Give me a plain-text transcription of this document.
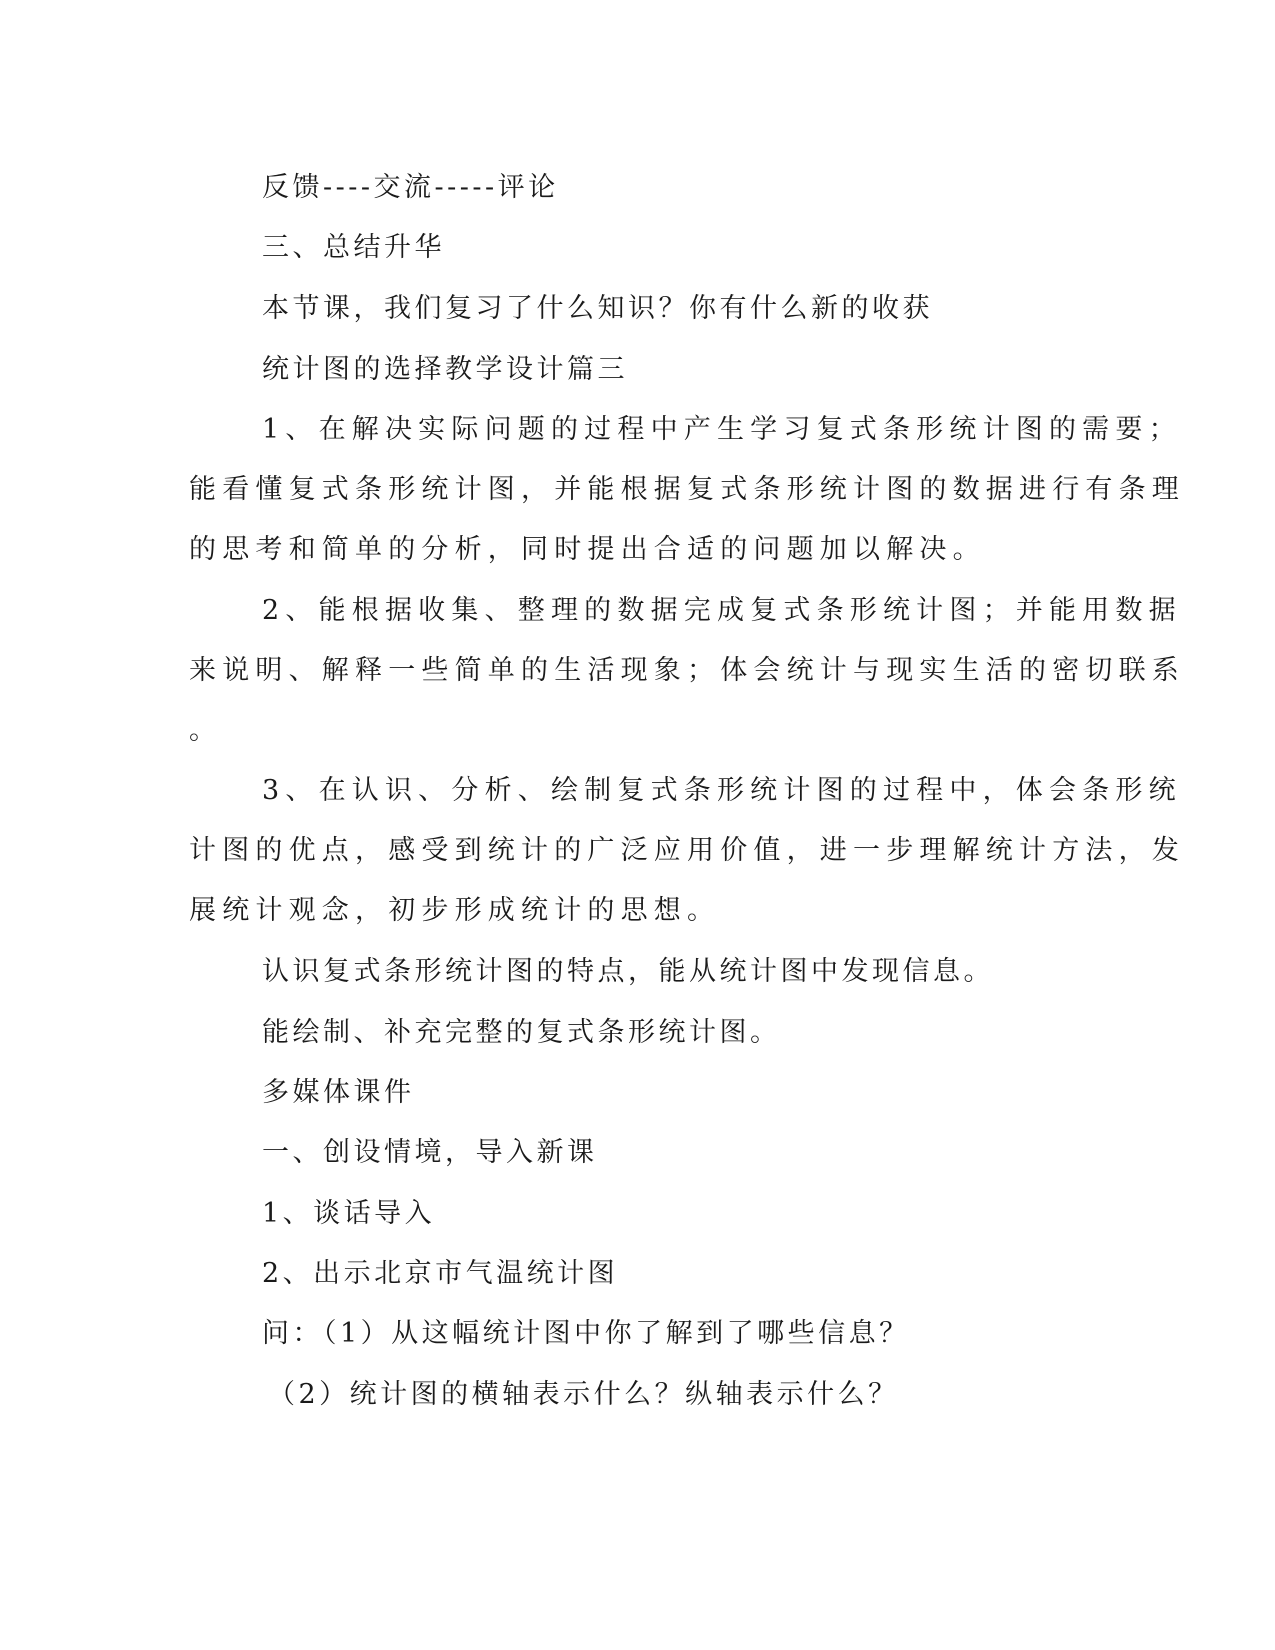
反馈----交流-----评论

三、总结升华

本节课，我们复习了什么知识？你有什么新的收获

统计图的选择教学设计篇三

1、在解决实际问题的过程中产生学习复式条形统计图的需要；

能看懂复式条形统计图，并能根据复式条形统计图的数据进行有条理

的思考和简单的分析，同时提出合适的问题加以解决。

2、能根据收集、整理的数据完成复式条形统计图；并能用数据

来说明、解释一些简单的生活现象；体会统计与现实生活的密切联系

。

3、在认识、分析、绘制复式条形统计图的过程中，体会条形统

计图的优点，感受到统计的广泛应用价值，进一步理解统计方法，发

展统计观念，初步形成统计的思想。

认识复式条形统计图的特点，能从统计图中发现信息。

能绘制、补充完整的复式条形统计图。

多媒体课件

一、创设情境，导入新课

1、谈话导入

2、出示北京市气温统计图

问：（1）从这幅统计图中你了解到了哪些信息？

（2）统计图的横轴表示什么？纵轴表示什么？
